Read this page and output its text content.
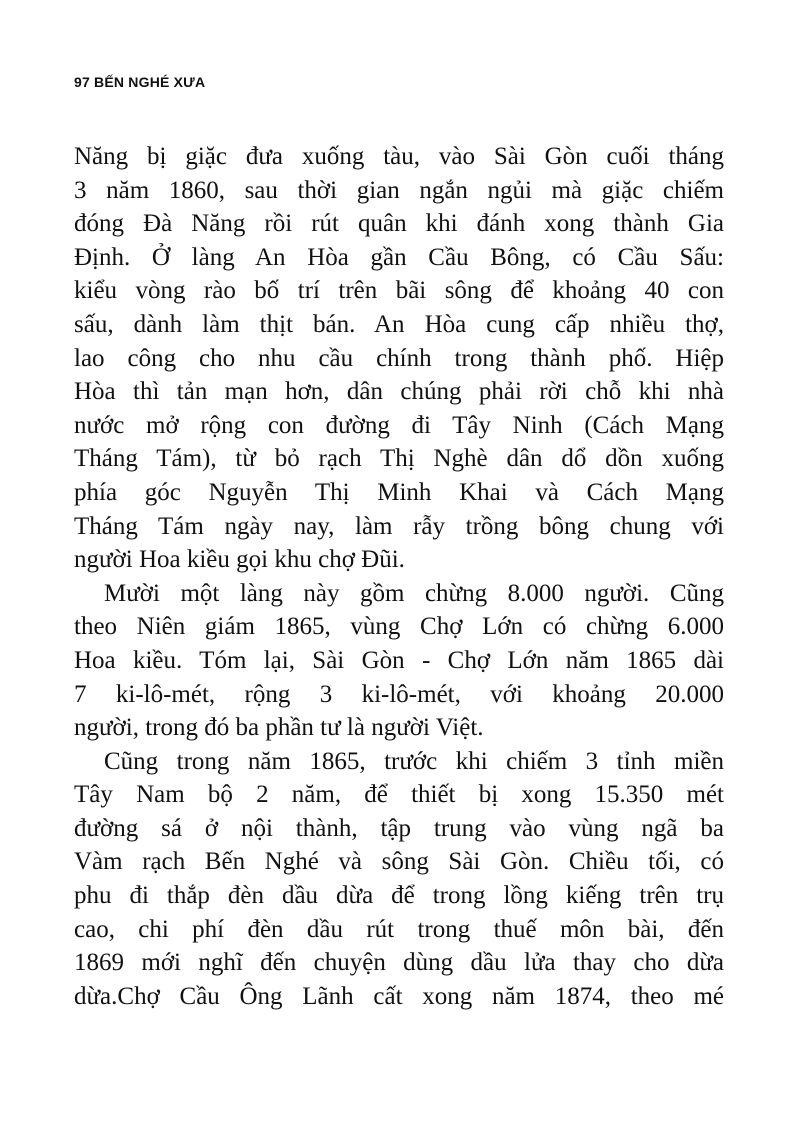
97 BẾN NGHÉ XƯA
Năng bị giặc đưa xuống tàu, vào Sài Gòn cuối tháng
3 năm 1860, sau thời gian ngắn ngủi mà giặc chiếm
đóng Đà Năng rồi rút quân khi đánh xong thành Gia
Định. Ở làng An Hòa gần Cầu Bông, có Cầu Sấu:
kiểu vòng rào bố trí trên bãi sông để khoảng 40 con
sấu, dành làm thịt bán. An Hòa cung cấp nhiều thợ,
lao công cho nhu cầu chính trong thành phố. Hiệp
Hòa thì tản mạn hơn, dân chúng phải rời chỗ khi nhà
nước mở rộng con đường đi Tây Ninh (Cách Mạng
Tháng Tám), từ bỏ rạch Thị Nghè dân dổ dồn xuống
phía góc Nguyễn Thị Minh Khai và Cách Mạng
Tháng Tám ngày nay, làm rẫy trồng bông chung với
người Hoa kiều gọi khu chợ Đũi.
Mười một làng này gồm chừng 8.000 người. Cũng
theo Niên giám 1865, vùng Chợ Lớn có chừng 6.000
Hoa kiều. Tóm lại, Sài Gòn - Chợ Lớn năm 1865 dài
7 ki-lô-mét, rộng 3 ki-lô-mét, với khoảng 20.000
người, trong đó ba phần tư là người Việt.
Cũng trong năm 1865, trước khi chiếm 3 tỉnh miền
Tây Nam bộ 2 năm, để thiết bị xong 15.350 mét
đường sá ở nội thành, tập trung vào vùng ngã ba
Vàm rạch Bến Nghé và sông Sài Gòn. Chiều tối, có
phu đi thắp đèn dầu dừa để trong lồng kiếng trên trụ
cao, chi phí đèn dầu rút trong thuế môn bài, đến
1869 mới nghĩ đến chuyện dùng dầu lửa thay cho dừa
dừa.Chợ Cầu Ông Lãnh cất xong năm 1874, theo mé
